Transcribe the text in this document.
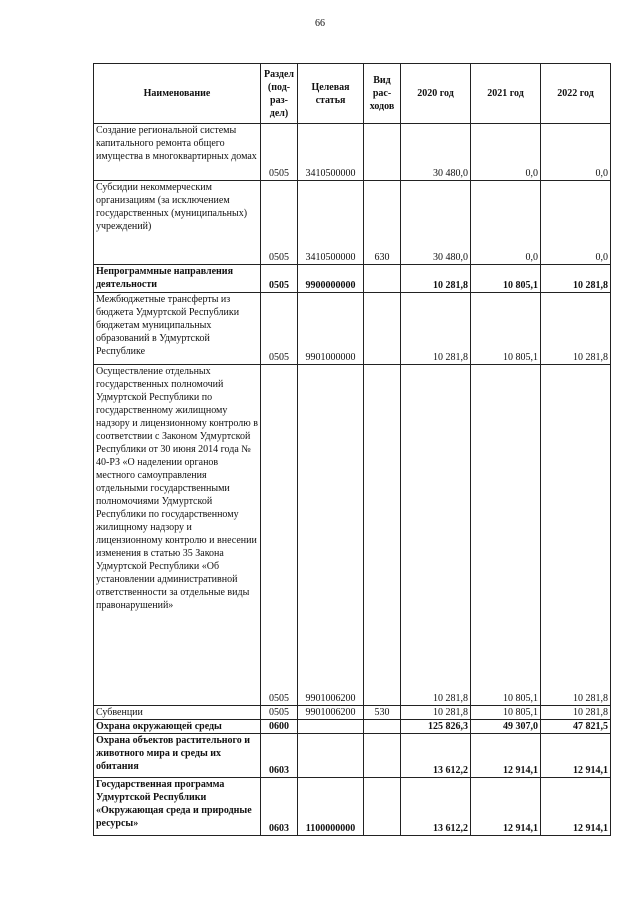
66
Наименование	Раздел (под-раз-дел)	Целевая статья	Вид рас-ходов	2020 год	2021 год	2022 год
Создание региональной системы капитального ремонта общего имущества в многоквартирных домах	0505	3410500000		30 480,0	0,0	0,0
Субсидии некоммерческим организациям (за исключением государственных (муниципальных) учреждений)	0505	3410500000	630	30 480,0	0,0	0,0
Непрограммные направления деятельности	0505	9900000000		10 281,8	10 805,1	10 281,8
Межбюджетные трансферты из бюджета Удмуртской Республики бюджетам муниципальных образований в Удмуртской Республике	0505	9901000000		10 281,8	10 805,1	10 281,8
Осуществление отдельных государственных полномочий Удмуртской Республики по государственному жилищному надзору и лицензионному контролю в соответствии с Законом Удмуртской Республики от 30 июня 2014 года № 40-РЗ «О наделении органов местного самоуправления отдельными государственными полномочиями Удмуртской Республики по государственному жилищному надзору и лицензионному контролю и внесении изменения в статью 35 Закона Удмуртской Республики «Об установлении административной ответственности за отдельные виды правонарушений»	0505	9901006200		10 281,8	10 805,1	10 281,8
Субвенции	0505	9901006200	530	10 281,8	10 805,1	10 281,8
Охрана окружающей среды	0600			125 826,3	49 307,0	47 821,5
Охрана объектов растительного и животного мира и среды их обитания	0603			13 612,2	12 914,1	12 914,1
Государственная программа Удмуртской Республики «Окружающая среда и природные ресурсы»	0603	1100000000		13 612,2	12 914,1	12 914,1
